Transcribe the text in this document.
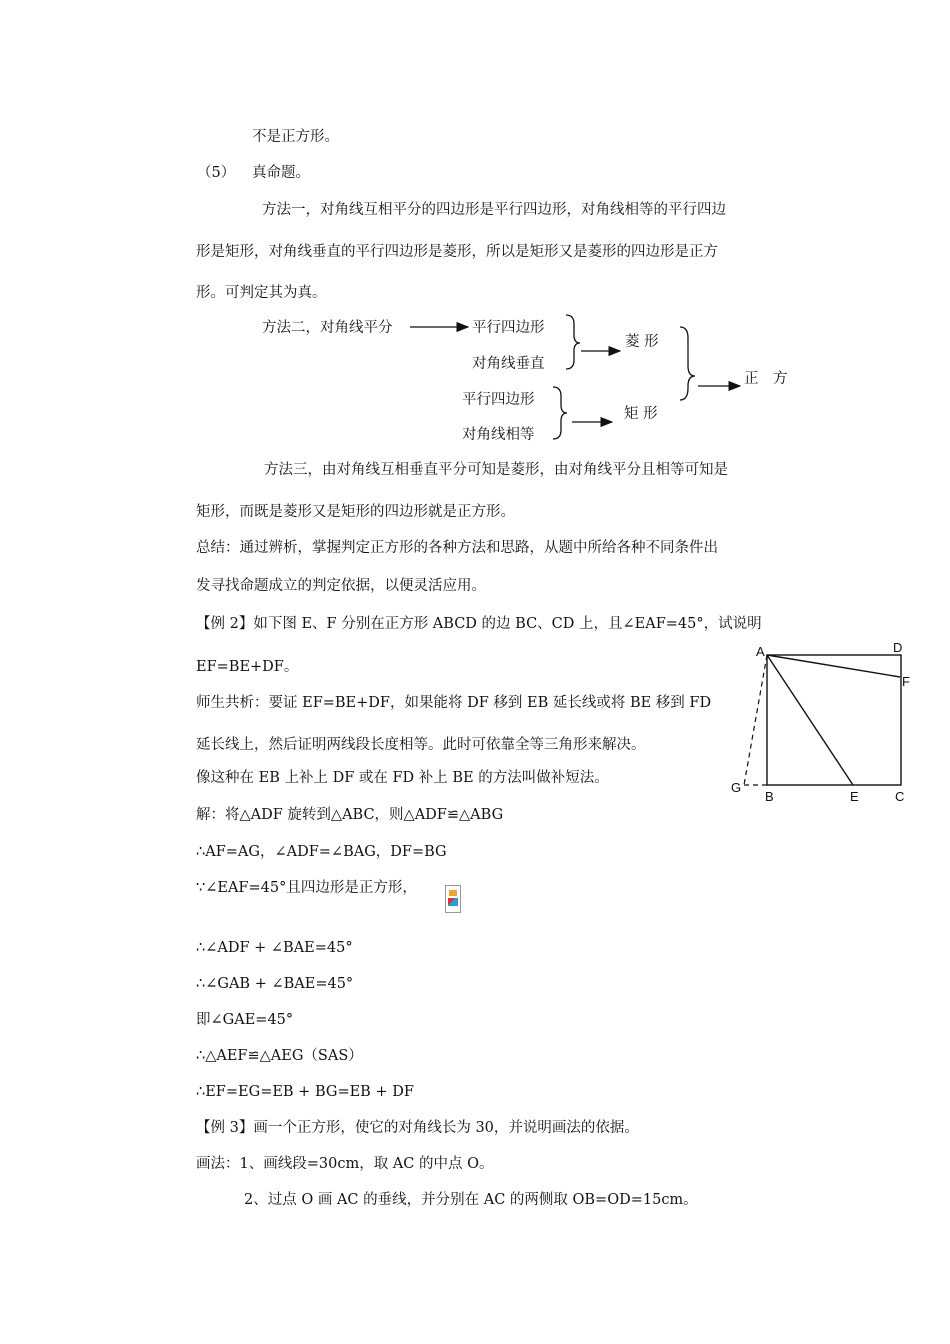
不是正方形。
（5） 真命题。
方法一，对角线互相平分的四边形是平行四边形，对角线相等的平行四边
形是矩形，对角线垂直的平行四边形是菱形，所以是矩形又是菱形的四边形是正方
形。可判定其为真。
方法二，对角线平分	平行四边形
对角线垂直
菱 形
平行四边形
对角线相等
矩 形
正　方
方法三，由对角线互相垂直平分可知是菱形，由对角线平分且相等可知是
矩形，而既是菱形又是矩形的四边形就是正方形。
总结：通过辨析，掌握判定正方形的各种方法和思路，从题中所给各种不同条件出
发寻找命题成立的判定依据，以便灵活应用。
【例 2】如下图 E、F 分别在正方形 ABCD 的边 BC、CD 上，且∠EAF=45°，试说明
EF=BE+DF。
师生共析：要证 EF=BE+DF，如果能将 DF 移到 EB 延长线或将 BE 移到 FD
延长线上，然后证明两线段长度相等。此时可依靠全等三角形来解决。
像这种在 EB 上补上 DF 或在 FD 补上 BE 的方法叫做补短法。
解：将△ADF 旋转到△ABC，则△ADF≌△ABG
∴AF=AG，∠ADF=∠BAG，DF=BG
∵∠EAF=45°且四边形是正方形，
∴∠ADF + ∠BAE=45°
∴∠GAB + ∠BAE=45°
即∠GAE=45°
∴△AEF≌△AEG（SAS）
∴EF=EG=EB + BG=EB + DF
【例 3】画一个正方形，使它的对角线长为 30，并说明画法的依据。
画法：1、画线段=30cm，取 AC 的中点 O。
2、过点 O 画 AC 的垂线，并分别在 AC 的两侧取 OB=OD=15cm。
A	D
F
G
B	E	C
